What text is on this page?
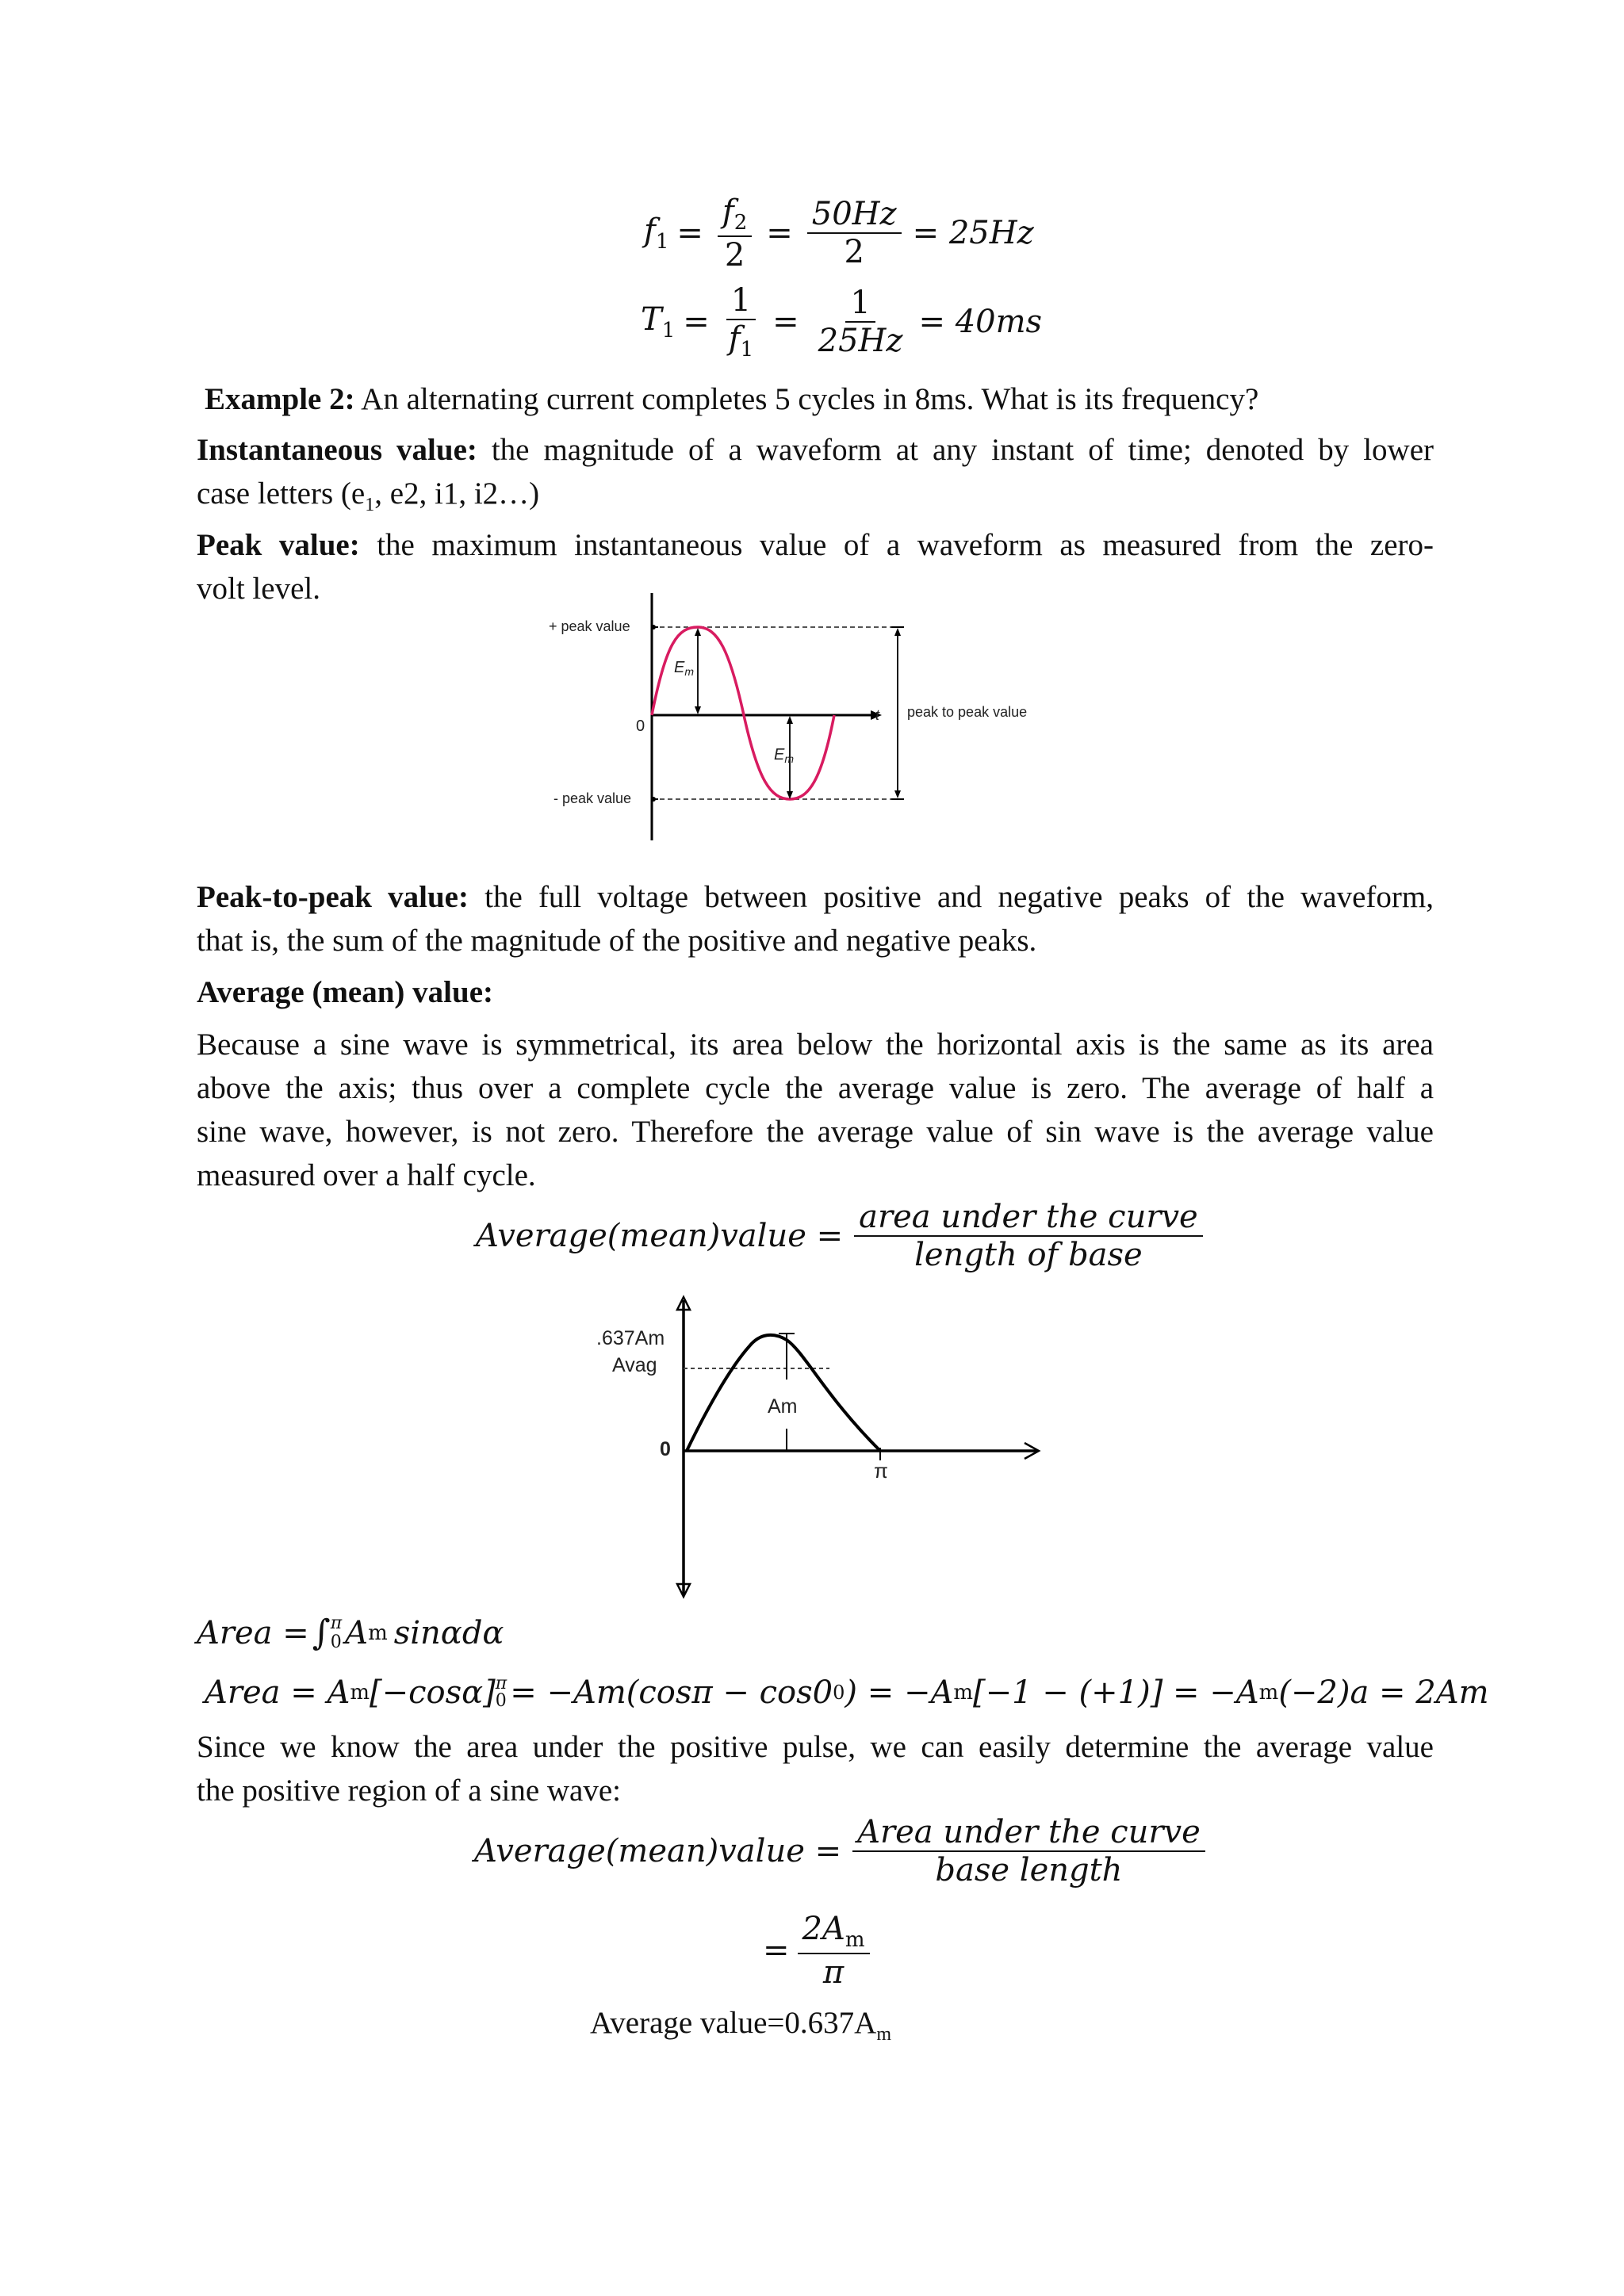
$f_1 = \frac{f_2}{2} = \frac{50Hz}{2} = 25Hz$
$T_1 = \frac{1}{f_1} = \frac{1}{25Hz} = 40ms$
Example 2: An alternating current completes 5 cycles in 8ms. What is its frequency?
Instantaneous value: the magnitude of a waveform at any instant of time; denoted by lower
case letters ($e_1$, e2, i1, i2…)
Peak value: the maximum instantaneous value of a waveform as measured from the zero-
volt level.
+ peak value
- peak value
0
$E_m$
$E_m$
t peak to peak value
Peak-to-peak value: the full voltage between positive and negative peaks of the waveform,
that is, the sum of the magnitude of the positive and negative peaks.
Average (mean) value:
Because a sine wave is symmetrical, its area below the horizontal axis is the same as its area
above the axis; thus over a complete cycle the average value is zero. The average of half a
sine wave, however, is not zero. Therefore the average value of sin wave is the average value
measured over a half cycle.
Average(mean)value = $\frac{\text{area under the curve}}{\text{length of base}}$
.637Am
Avag
Am
0
π
Area = ∫ π
0 A m sinαdα
Area = A m [−cosα] π
0 = −Am(cosπ − cos0 0 ) = −A m [−1 − (+1)] = −A m (−2)a = 2Am
Since we know the area under the positive pulse, we can easily determine the average value
the positive region of a sine wave:
Average(mean)value = $\frac{\text{Area under the curve}}{\text{base length}}$
= $\frac{2A_m}{\pi}$
Average $value=0.637A_m$
